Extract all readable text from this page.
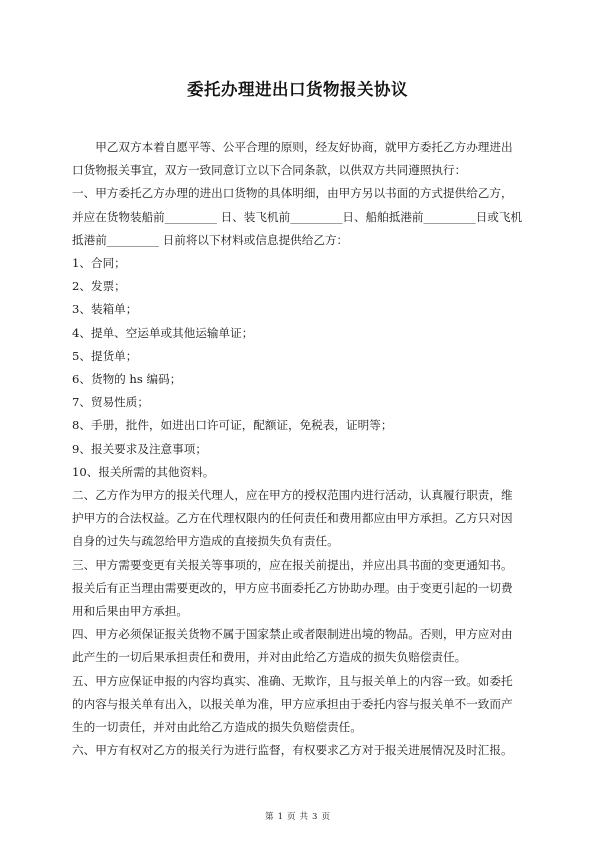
委托办理进出口货物报关协议

甲乙双方本着自愿平等、公平合理的原则，经友好协商，就甲方委托乙方办理进出口货物报关事宜，双方一致同意订立以下合同条款，以供双方共同遵照执行：

一、甲方委托乙方办理的进出口货物的具体明细，由甲方另以书面的方式提供给乙方，并应在货物装船前_________ 日、装飞机前_________日、船舶抵港前_________日或飞机抵港前_________ 日前将以下材料或信息提供给乙方：

1、合同；

2、发票；

3、装箱单；

4、提单、空运单或其他运输单证；

5、提货单；

6、货物的 hs 编码；

7、贸易性质；

8、手册，批件，如进出口许可证，配额证，免税表，证明等；

9、报关要求及注意事项；

10、报关所需的其他资料。

二、乙方作为甲方的报关代理人，应在甲方的授权范围内进行活动，认真履行职责，维护甲方的合法权益。乙方在代理权限内的任何责任和费用都应由甲方承担。乙方只对因自身的过失与疏忽给甲方造成的直接损失负有责任。

三、甲方需要变更有关报关等事项的，应在报关前提出，并应出具书面的变更通知书。报关后有正当理由需要更改的，甲方应书面委托乙方协助办理。由于变更引起的一切费用和后果由甲方承担。

四、甲方必须保证报关货物不属于国家禁止或者限制进出境的物品。否则，甲方应对由此产生的一切后果承担责任和费用，并对由此给乙方造成的损失负赔偿责任。

五、甲方应保证申报的内容均真实、准确、无欺诈，且与报关单上的内容一致。如委托的内容与报关单有出入，以报关单为准，甲方应承担由于委托内容与报关单不一致而产生的一切责任，并对由此给乙方造成的损失负赔偿责任。

六、甲方有权对乙方的报关行为进行监督，有权要求乙方对于报关进展情况及时汇报。

第 1 页 共 3 页
